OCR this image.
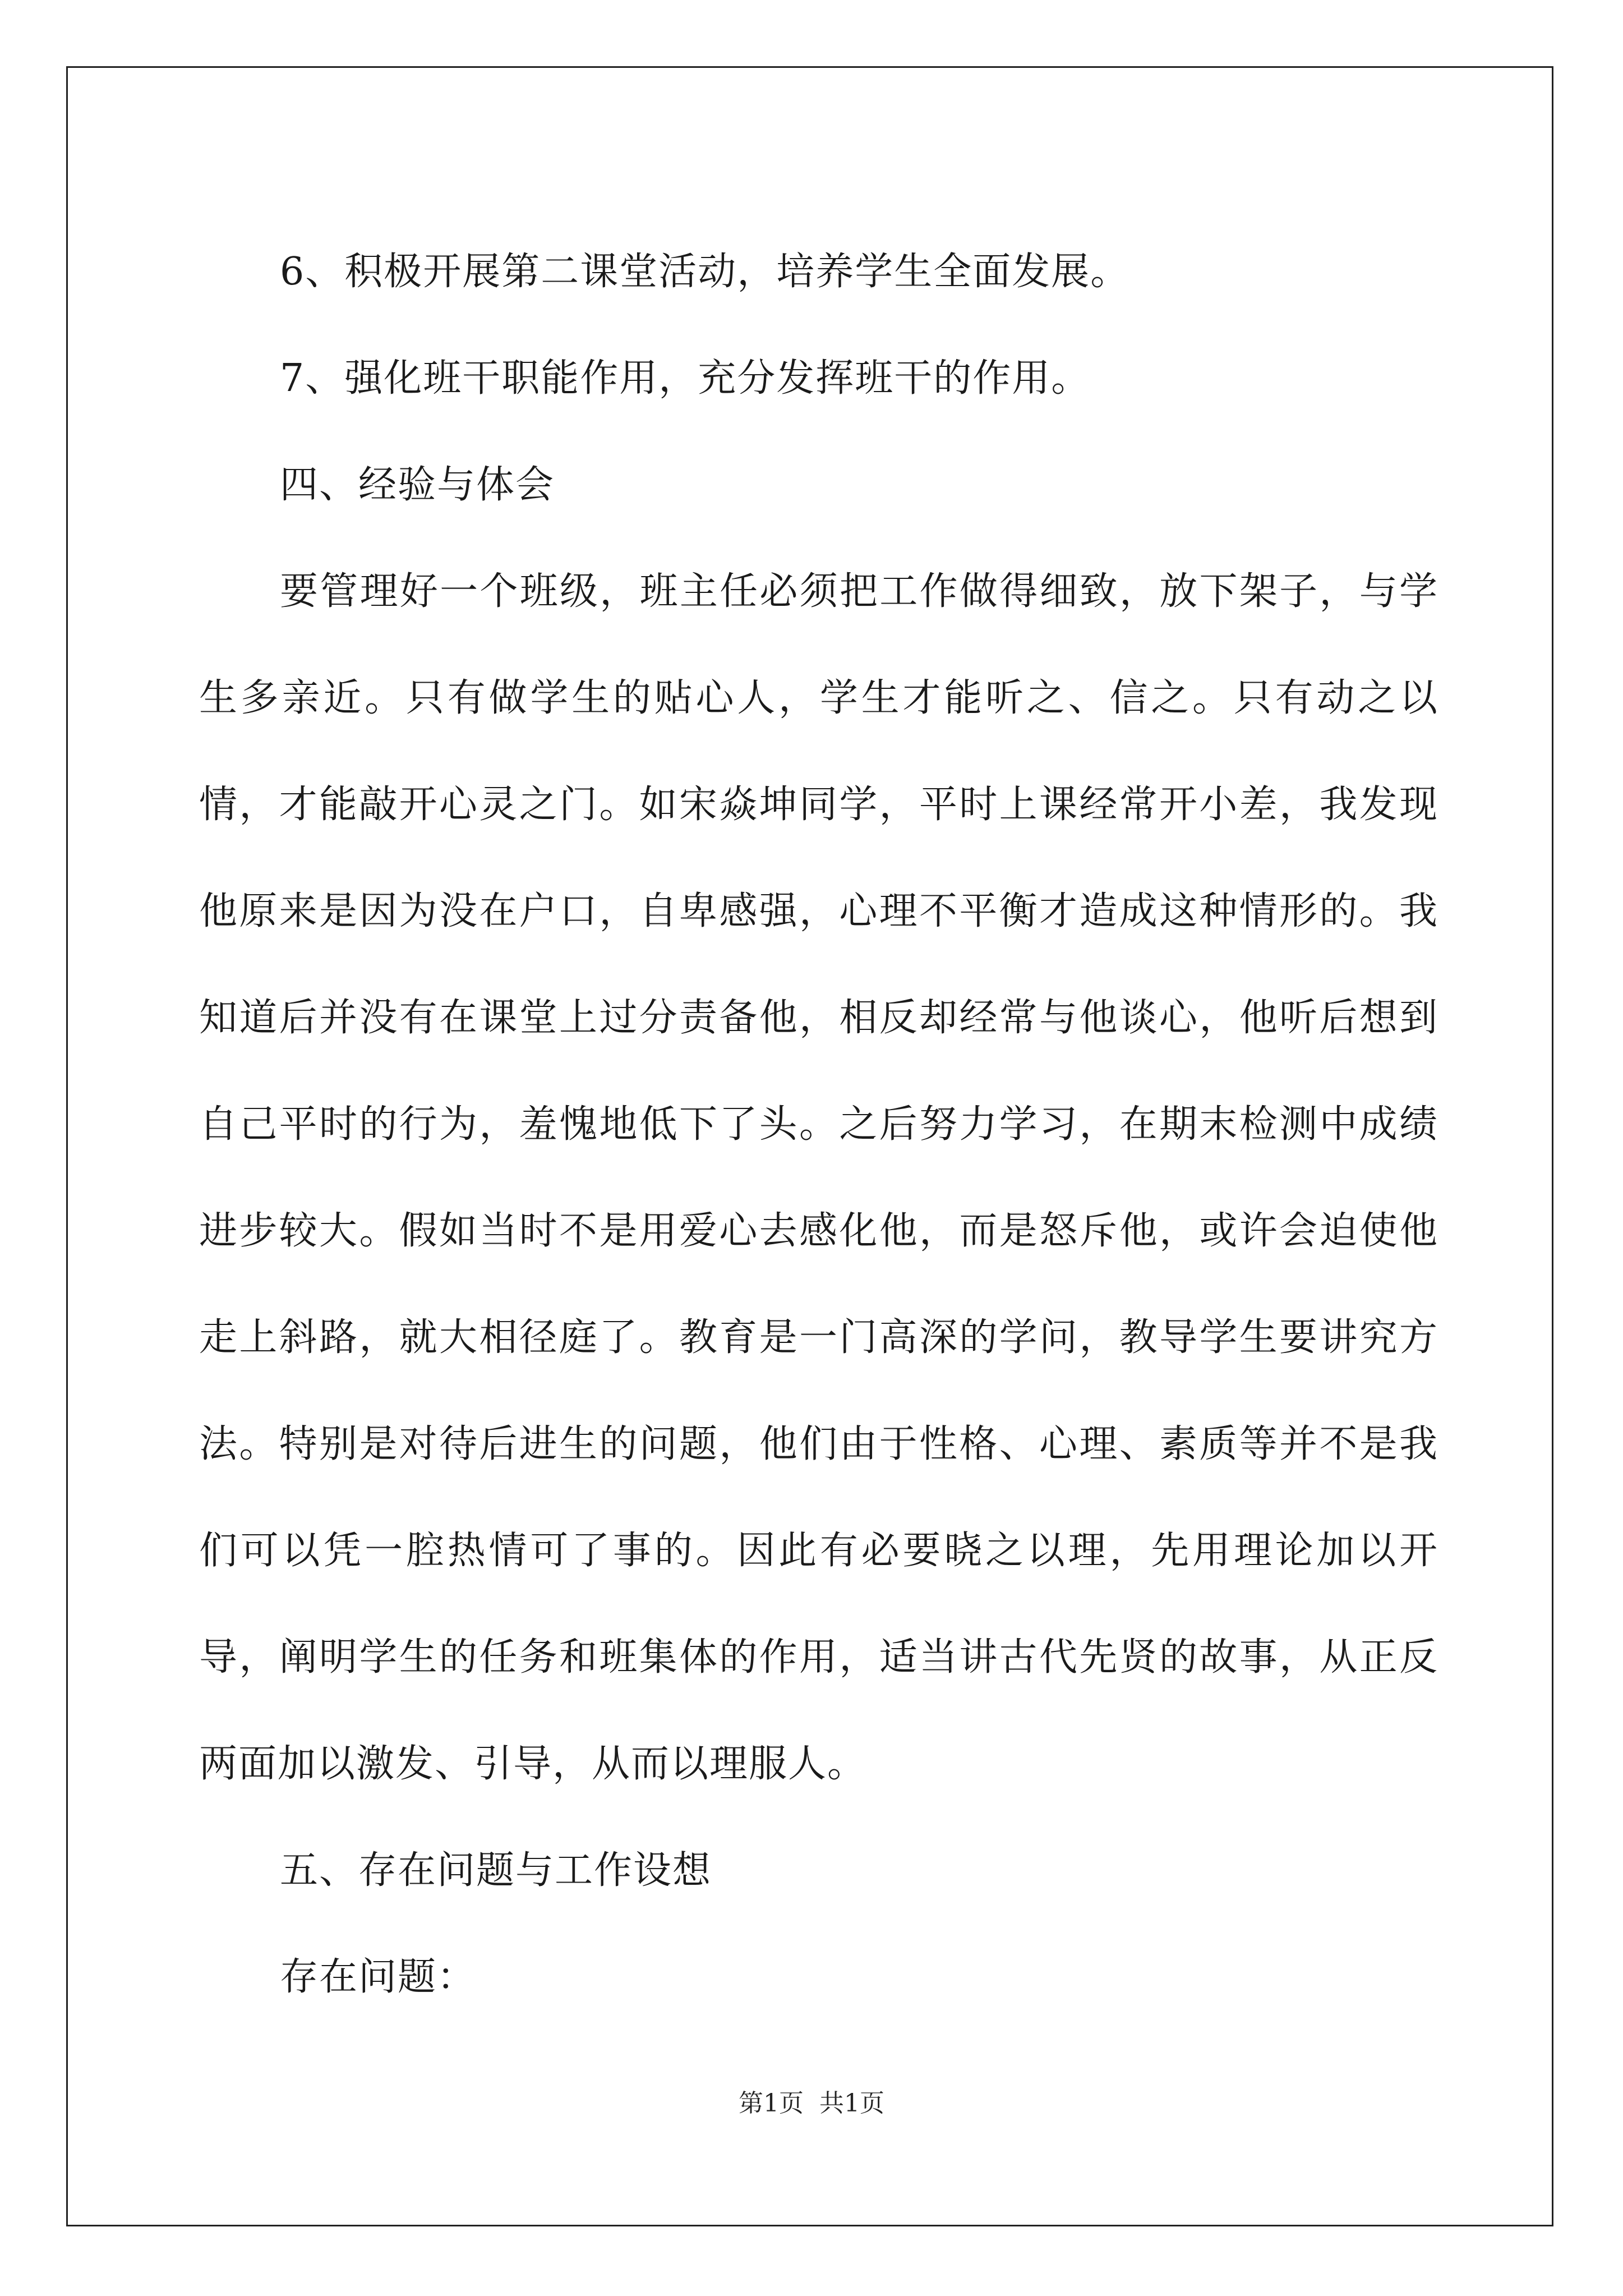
6、积极开展第二课堂活动，培养学生全面发展。

7、强化班干职能作用，充分发挥班干的作用。

四、经验与体会

要管理好一个班级，班主任必须把工作做得细致，放下架子，与学生多亲近。只有做学生的贴心人，学生才能听之、信之。只有动之以情，才能敲开心灵之门。如宋焱坤同学，平时上课经常开小差，我发现他原来是因为没在户口，自卑感强，心理不平衡才造成这种情形的。我知道后并没有在课堂上过分责备他，相反却经常与他谈心，他听后想到自己平时的行为，羞愧地低下了头。之后努力学习，在期末检测中成绩进步较大。假如当时不是用爱心去感化他，而是怒斥他，或许会迫使他走上斜路，就大相径庭了。教育是一门高深的学问，教导学生要讲究方法。特别是对待后进生的问题，他们由于性格、心理、素质等并不是我们可以凭一腔热情可了事的。因此有必要晓之以理，先用理论加以开导，阐明学生的任务和班集体的作用，适当讲古代先贤的故事，从正反两面加以激发、引导，从而以理服人。

五、存在问题与工作设想

存在问题：

第1页  共1页
